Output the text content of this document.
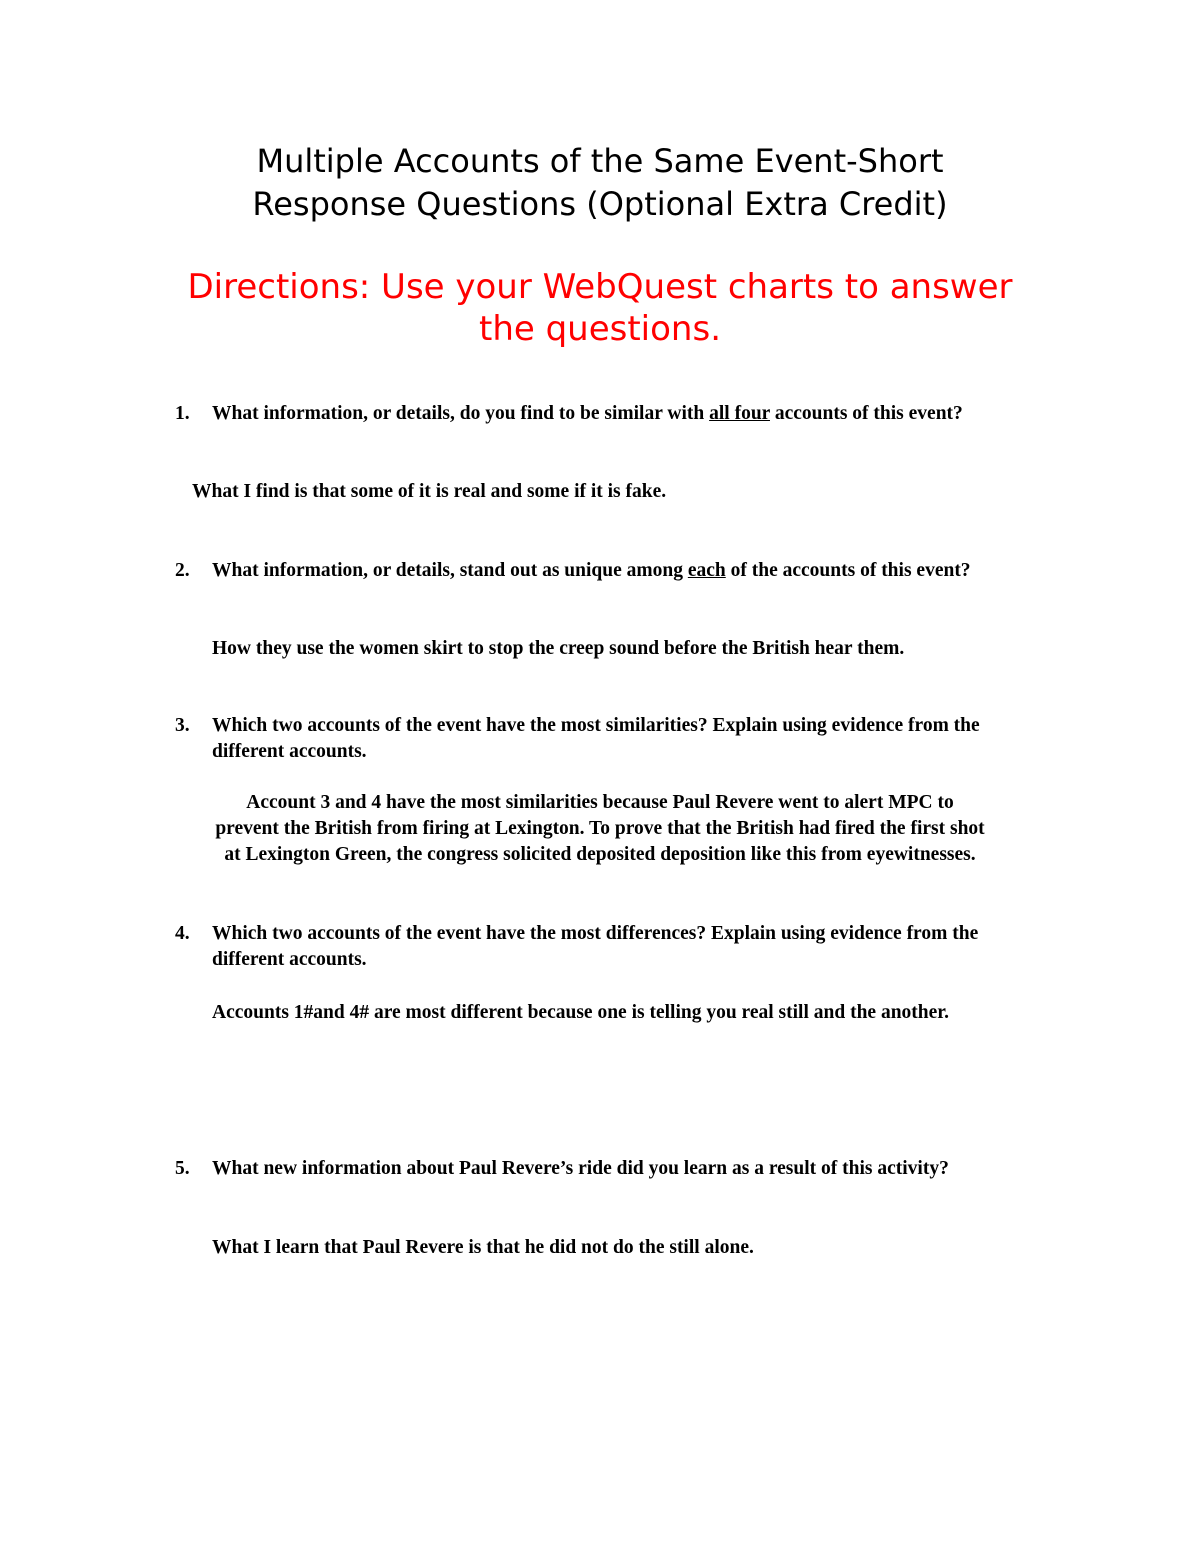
Multiple Accounts of the Same Event-Short
Response Questions (Optional Extra Credit)
Directions: Use your WebQuest charts to answer
the questions.
1. What information, or details, do you find to be similar with all four accounts of this event?
What I find is that some of it is real and some if it is fake.
2. What information, or details, stand out as unique among each of the accounts of this event?
How they use the women skirt to stop the creep sound before the British hear them.
3. Which two accounts of the event have the most similarities? Explain using evidence from the different accounts.
Account 3 and 4 have the most similarities because Paul Revere went to alert MPC to
prevent the British from firing at Lexington. To prove that the British had fired the first shot
at Lexington Green, the congress solicited deposited deposition like this from eyewitnesses.
4. Which two accounts of the event have the most differences? Explain using evidence from the different accounts.
Accounts 1#and 4# are most different because one is telling you real still and the another.
5. What new information about Paul Revere’s ride did you learn as a result of this activity?
What I learn that Paul Revere is that he did not do the still alone.
